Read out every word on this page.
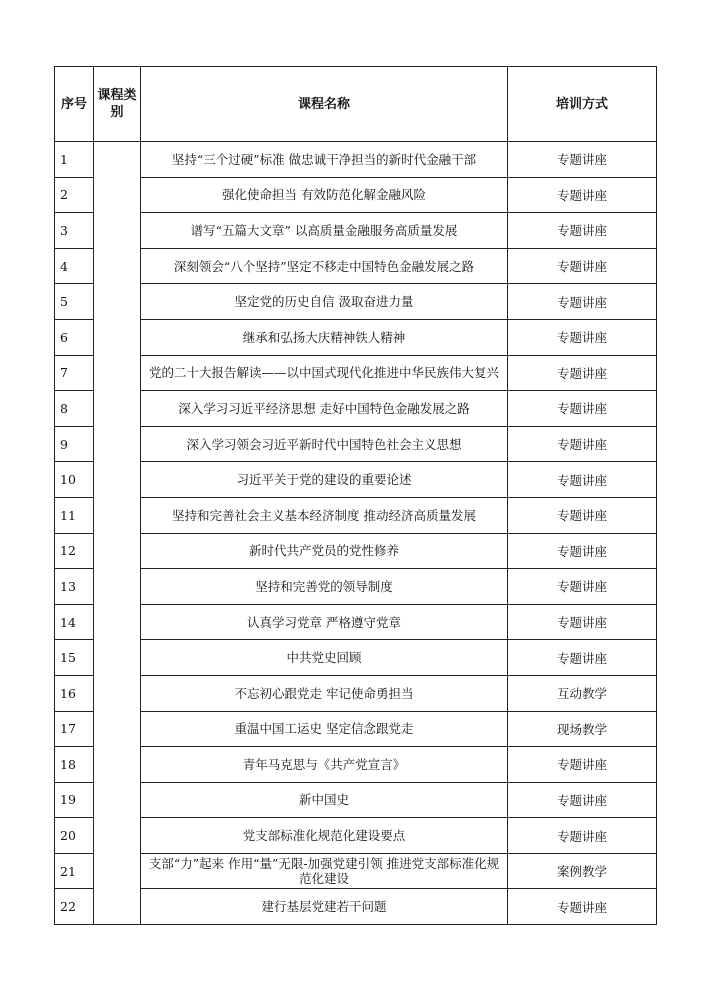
序号	课程类别	课程名称	培训方式
1		坚持“三个过硬”标准 做忠诚干净担当的新时代金融干部	专题讲座
2		强化使命担当 有效防范化解金融风险	专题讲座
3		谱写“五篇大文章” 以高质量金融服务高质量发展	专题讲座
4		深刻领会“八个坚持”坚定不移走中国特色金融发展之路	专题讲座
5		坚定党的历史自信 汲取奋进力量	专题讲座
6		继承和弘扬大庆精神铁人精神	专题讲座
7		党的二十大报告解读——以中国式现代化推进中华民族伟大复兴	专题讲座
8		深入学习习近平经济思想 走好中国特色金融发展之路	专题讲座
9		深入学习领会习近平新时代中国特色社会主义思想	专题讲座
10		习近平关于党的建设的重要论述	专题讲座
11		坚持和完善社会主义基本经济制度 推动经济高质量发展	专题讲座
12		新时代共产党员的党性修养	专题讲座
13		坚持和完善党的领导制度	专题讲座
14		认真学习党章 严格遵守党章	专题讲座
15		中共党史回顾	专题讲座
16		不忘初心跟党走 牢记使命勇担当	互动教学
17		重温中国工运史 坚定信念跟党走	现场教学
18		青年马克思与《共产党宣言》	专题讲座
19		新中国史	专题讲座
20		党支部标准化规范化建设要点	专题讲座
21		支部“力”起来 作用“量”无限-加强党建引领 推进党支部标准化规范化建设	案例教学
22		建行基层党建若干问题	专题讲座
